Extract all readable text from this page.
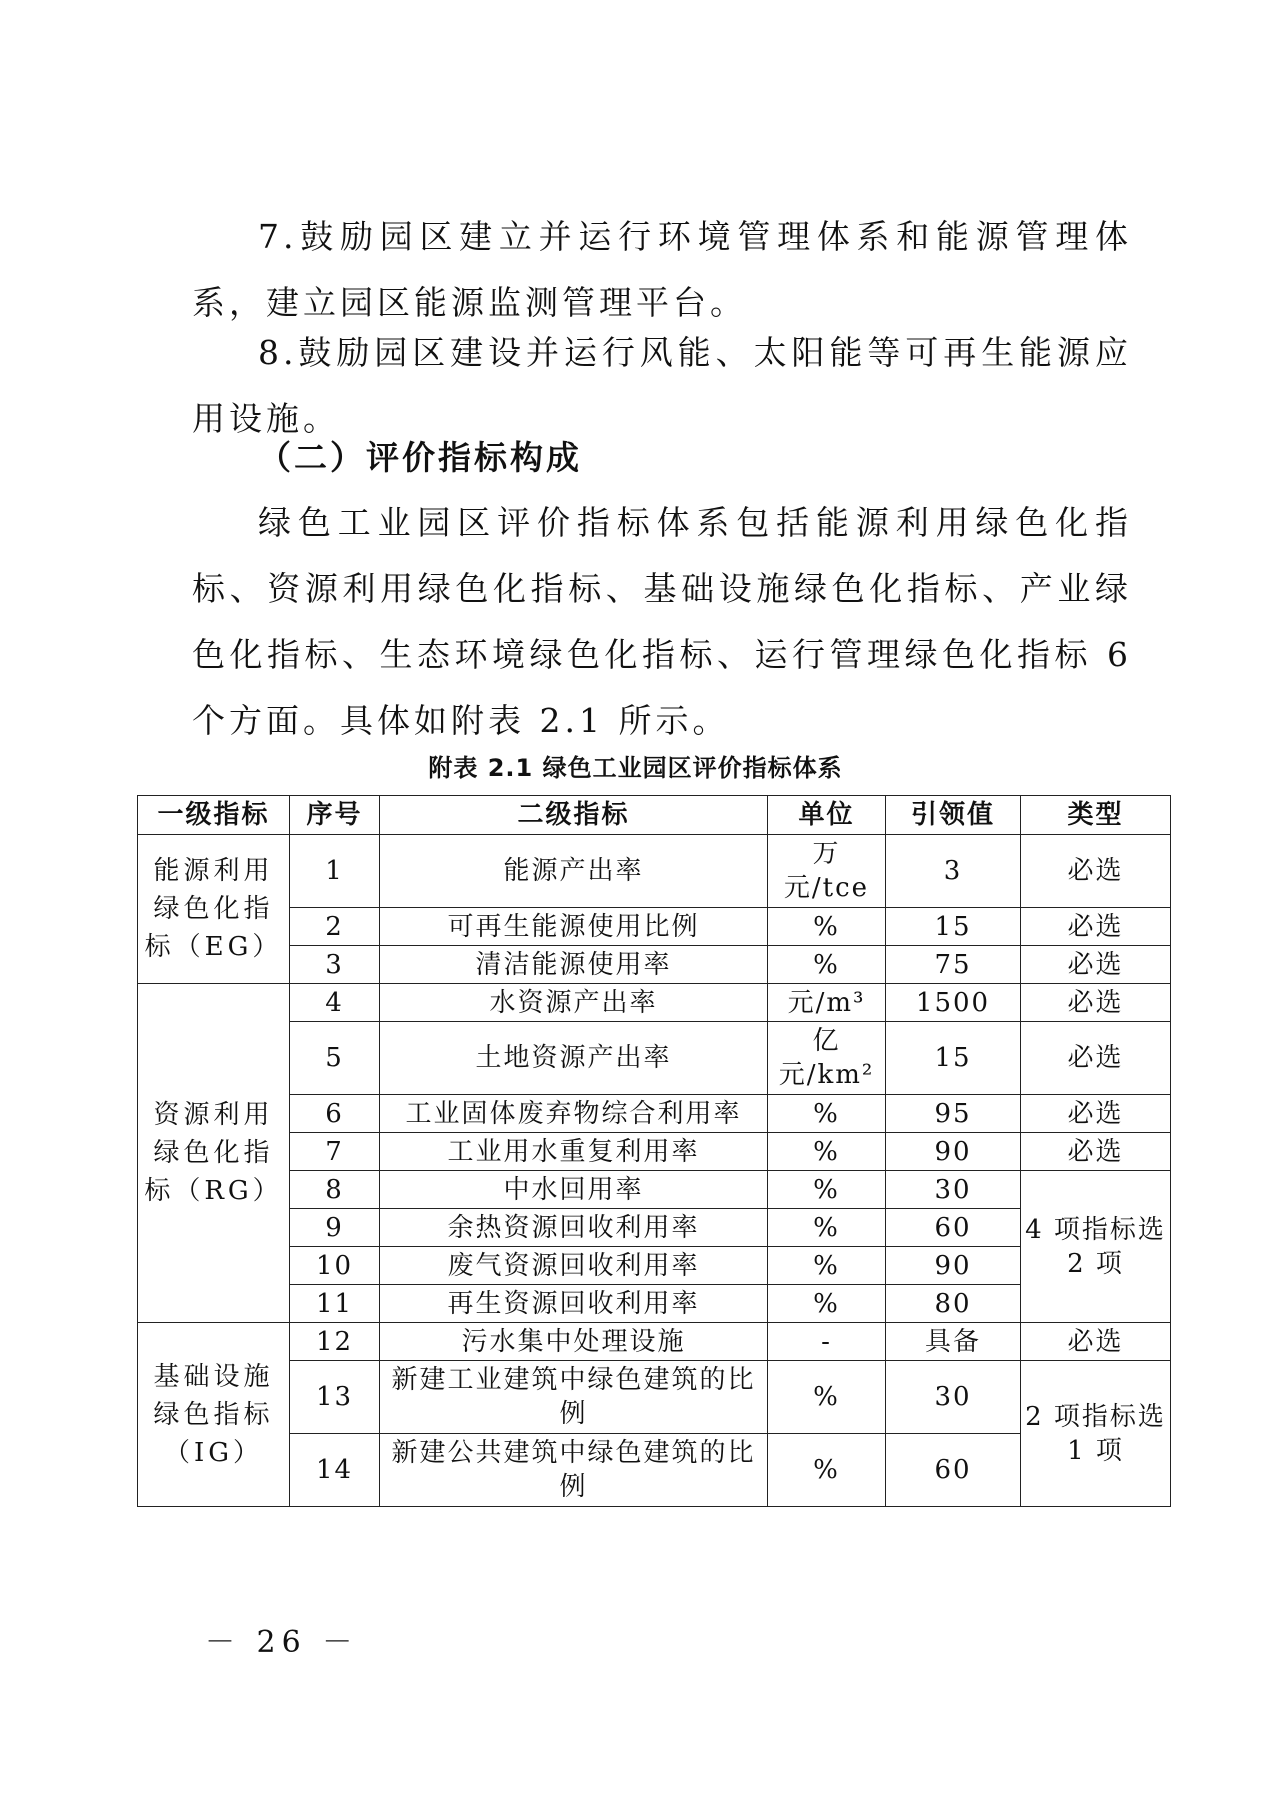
7.鼓励园区建立并运行环境管理体系和能源管理体系，建立园区能源监测管理平台。

8.鼓励园区建设并运行风能、太阳能等可再生能源应用设施。

（二）评价指标构成

绿色工业园区评价指标体系包括能源利用绿色化指标、资源利用绿色化指标、基础设施绿色化指标、产业绿色化指标、生态环境绿色化指标、运行管理绿色化指标 6 个方面。具体如附表 2.1 所示。

附表 2.1 绿色工业园区评价指标体系

一级指标	序号	二级指标	单位	引领值	类型
能源利用绿色化指标（EG）	1	能源产出率	万元/tce	3	必选
	2	可再生能源使用比例	%	15	必选
	3	清洁能源使用率	%	75	必选
资源利用绿色化指标（RG）	4	水资源产出率	元/m³	1500	必选
	5	土地资源产出率	亿元/km²	15	必选
	6	工业固体废弃物综合利用率	%	95	必选
	7	工业用水重复利用率	%	90	必选
	8	中水回用率	%	30	4 项指标选 2 项
	9	余热资源回收利用率	%	60	
	10	废气资源回收利用率	%	90	
	11	再生资源回收利用率	%	80	
基础设施绿色指标（IG）	12	污水集中处理设施	-	具备	必选
	13	新建工业建筑中绿色建筑的比例	%	30	2 项指标选 1 项
	14	新建公共建筑中绿色建筑的比例	%	60	

－ 26 －
